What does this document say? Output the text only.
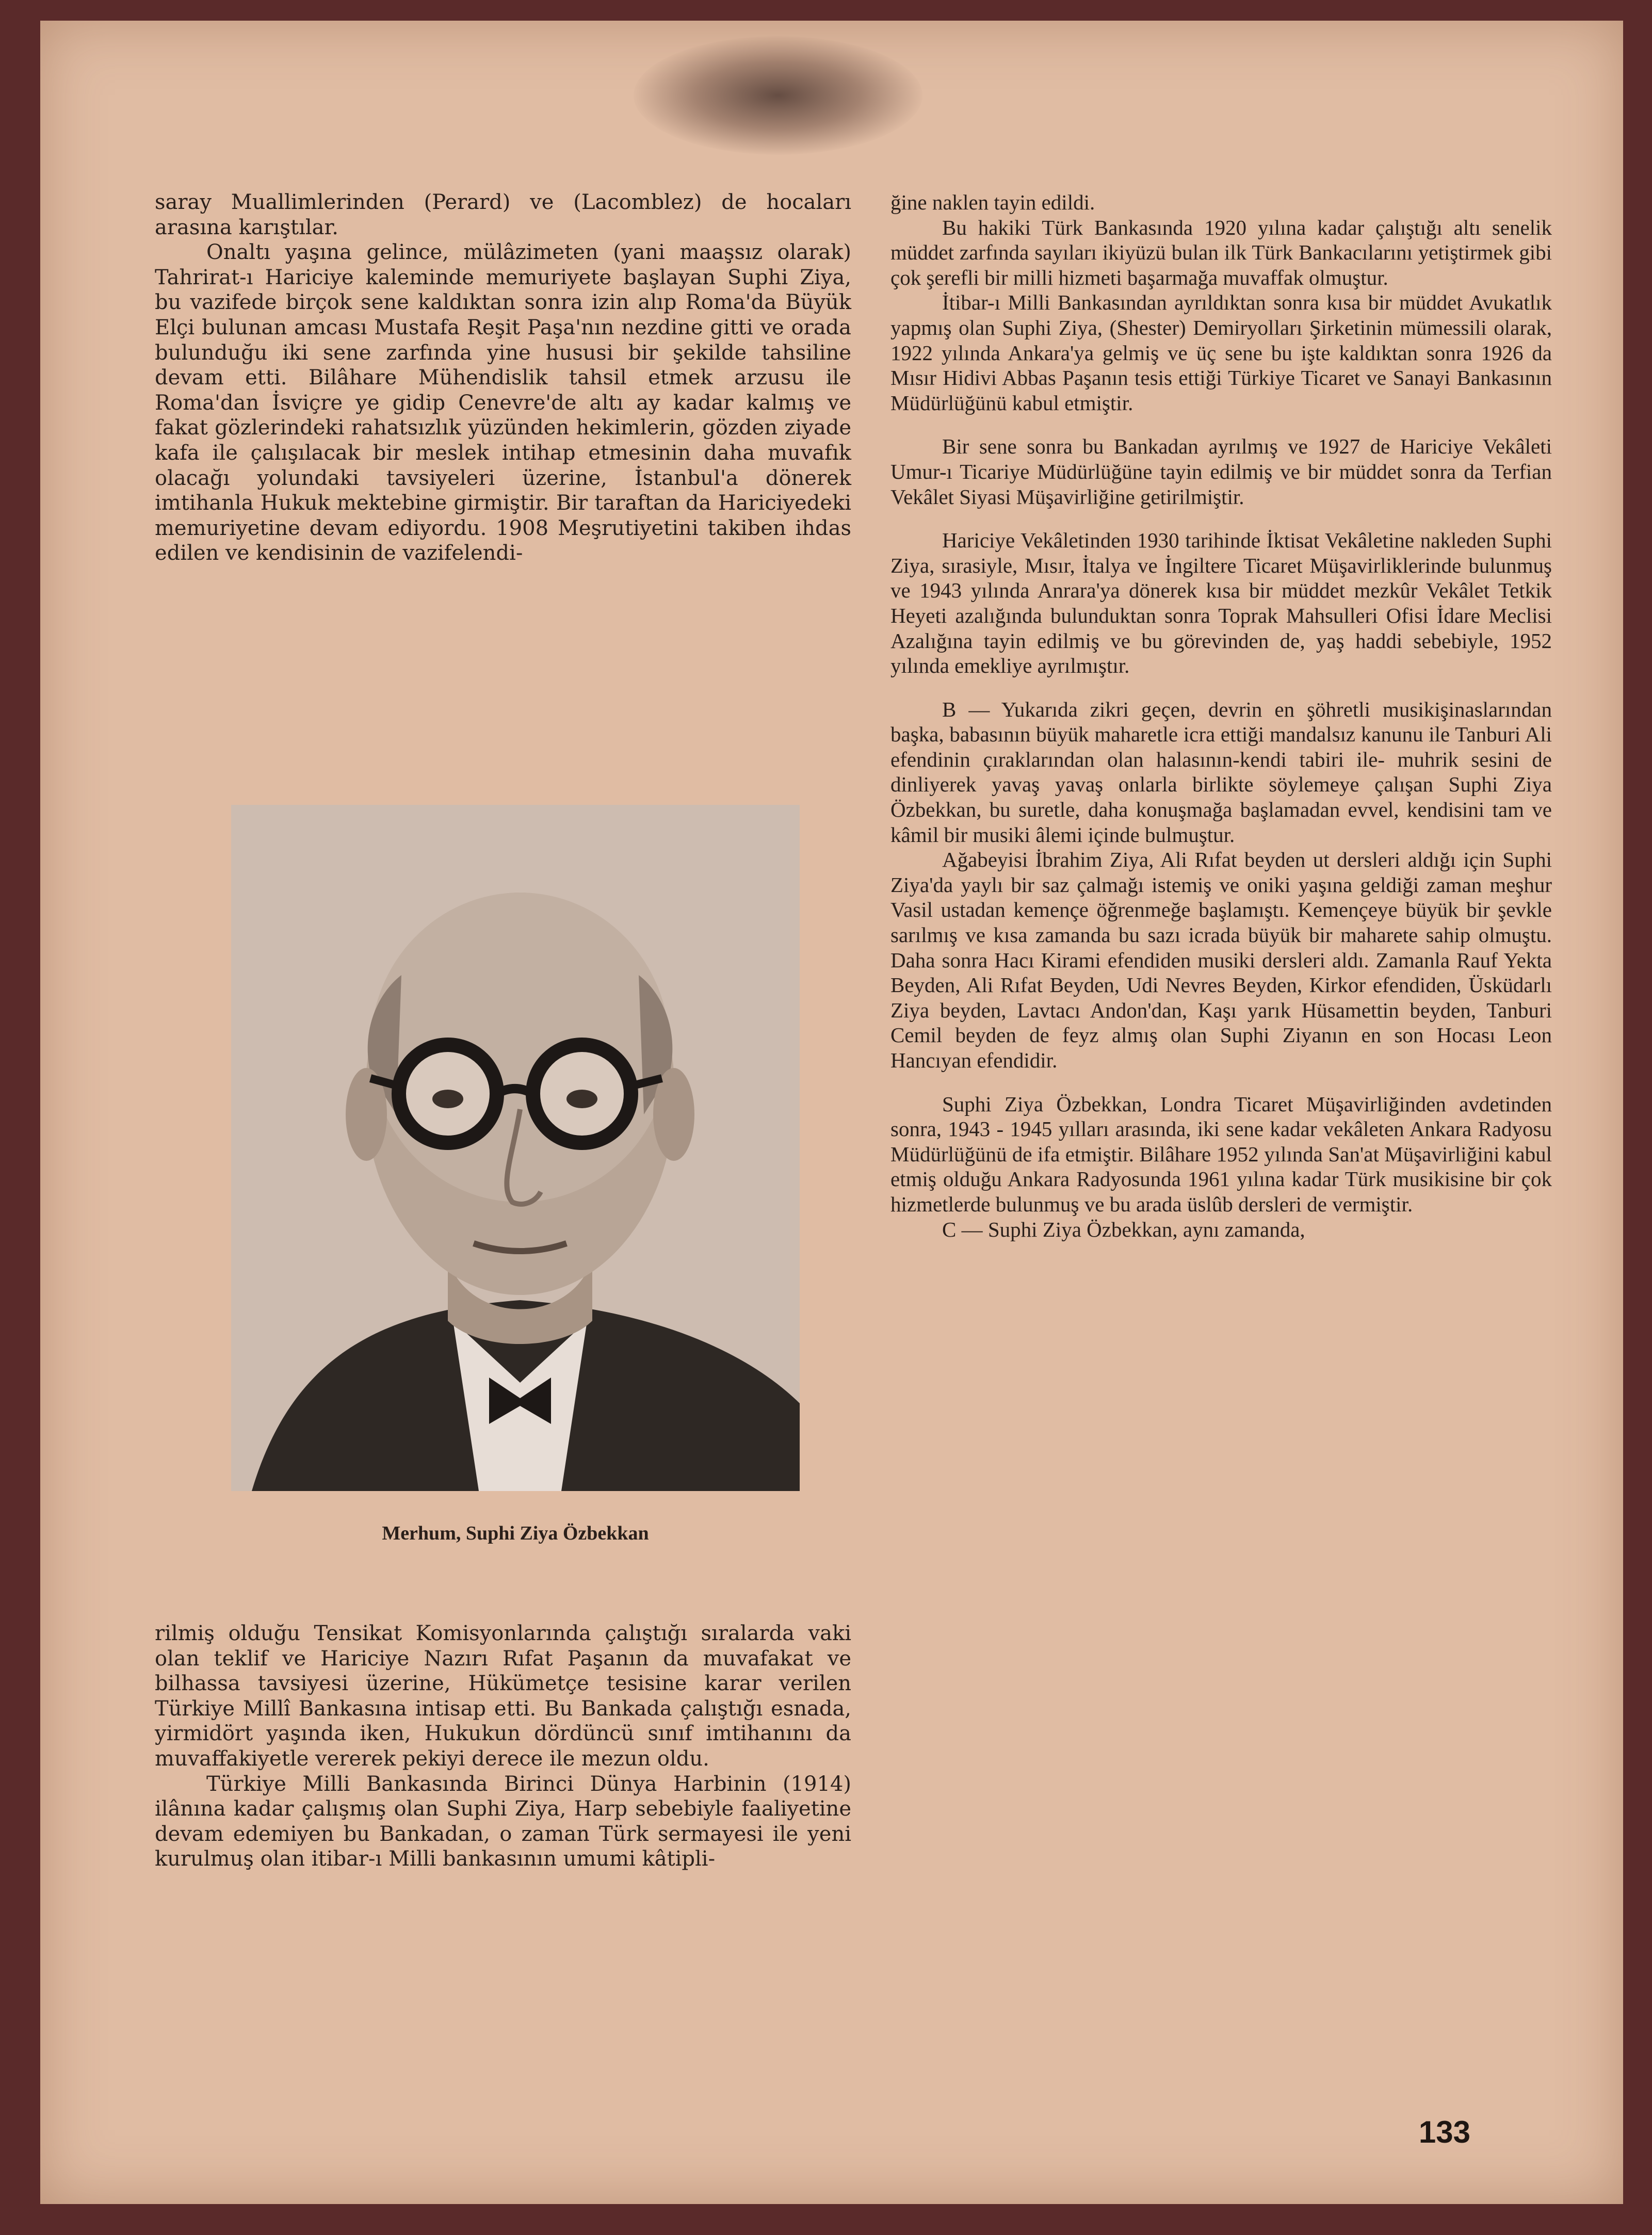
saray Muallimlerinden (Perard) ve (Lacomblez) de hocaları arasına karıştılar.

Onaltı yaşına gelince, mülâzimeten (yani maaşsız olarak) Tahrirat-ı Hariciye kaleminde memuriyete başlayan Suphi Ziya, bu vazifede birçok sene kaldıktan sonra izin alıp Roma'da Büyük Elçi bulunan amcası Mustafa Reşit Paşa'nın nezdine gitti ve orada bulunduğu iki sene zarfında yine hususi bir şekilde tahsiline devam etti. Bilâhare Mühendislik tahsil etmek arzusu ile Roma'dan İsviçre ye gidip Cenevre'de altı ay kadar kalmış ve fakat gözlerindeki rahatsızlık yüzünden hekimlerin, gözden ziyade kafa ile çalışılacak bir meslek intihap etmesinin daha muvafık olacağı yolundaki tavsiyeleri üzerine, İstanbul'a dönerek imtihanla Hukuk mektebine girmiştir. Bir taraftan da Hariciyedeki memuriyetine devam ediyordu. 1908 Meşrutiyetini takiben ihdas edilen ve kendisinin de vazifelendi-

Merhum, Suphi Ziya Özbekkan

rilmiş olduğu Tensikat Komisyonlarında çalıştığı sıralarda vaki olan teklif ve Hariciye Nazırı Rıfat Paşanın da muvafakat ve bilhassa tavsiyesi üzerine, Hükümetçe tesisine karar verilen Türkiye Millî Bankasına intisap etti. Bu Bankada çalıştığı esnada, yirmidört yaşında iken, Hukukun dördüncü sınıf imtihanını da muvaffakiyetle vererek pekiyi derece ile mezun oldu.

Türkiye Milli Bankasında Birinci Dünya Harbinin (1914) ilânına kadar çalışmış olan Suphi Ziya, Harp sebebiyle faaliyetine devam edemiyen bu Bankadan, o zaman Türk sermayesi ile yeni kurulmuş olan itibar-ı Milli bankasının umumi kâtipli-

ğine naklen tayin edildi.

Bu hakiki Türk Bankasında 1920 yılına kadar çalıştığı altı senelik müddet zarfında sayıları ikiyüzü bulan ilk Türk Bankacılarını yetiştirmek gibi çok şerefli bir milli hizmeti başarmağa muvaffak olmuştur.

İtibar-ı Milli Bankasından ayrıldıktan sonra kısa bir müddet Avukatlık yapmış olan Suphi Ziya, (Shester) Demiryolları Şirketinin mümessili olarak, 1922 yılında Ankara'ya gelmiş ve üç sene bu işte kaldıktan sonra 1926 da Mısır Hidivi Abbas Paşanın tesis ettiği Türkiye Ticaret ve Sanayi Bankasının Müdürlüğünü kabul etmiştir.

Bir sene sonra bu Bankadan ayrılmış ve 1927 de Hariciye Vekâleti Umur-ı Ticariye Müdürlüğüne tayin edilmiş ve bir müddet sonra da Terfian Vekâlet Siyasi Müşavirliğine getirilmiştir.

Hariciye Vekâletinden 1930 tarihinde İktisat Vekâletine nakleden Suphi Ziya, sırasiyle, Mısır, İtalya ve İngiltere Ticaret Müşavirliklerinde bulunmuş ve 1943 yılında Anrara'ya dönerek kısa bir müddet mezkûr Vekâlet Tetkik Heyeti azalığında bulunduktan sonra Toprak Mahsulleri Ofisi İdare Meclisi Azalığına tayin edilmiş ve bu görevinden de, yaş haddi sebebiyle, 1952 yılında emekliye ayrılmıştır.

B — Yukarıda zikri geçen, devrin en şöhretli musikişinaslarından başka, babasının büyük maharetle icra ettiği mandalsız kanunu ile Tanburi Ali efendinin çıraklarından olan halasının-kendi tabiri ile- muhrik sesini de dinliyerek yavaş yavaş onlarla birlikte söylemeye çalışan Suphi Ziya Özbekkan, bu suretle, daha konuşmağa başlamadan evvel, kendisini tam ve kâmil bir musiki âlemi içinde bulmuştur.

Ağabeyisi İbrahim Ziya, Ali Rıfat beyden ut dersleri aldığı için Suphi Ziya'da yaylı bir saz çalmağı istemiş ve oniki yaşına geldiği zaman meşhur Vasil ustadan kemençe öğrenmeğe başlamıştı. Kemençeye büyük bir şevkle sarılmış ve kısa zamanda bu sazı icrada büyük bir maharete sahip olmuştu. Daha sonra Hacı Kirami efendiden musiki dersleri aldı. Zamanla Rauf Yekta Beyden, Ali Rıfat Beyden, Udi Nevres Beyden, Kirkor efendiden, Üsküdarlı Ziya beyden, Lavtacı Andon'dan, Kaşı yarık Hüsamettin beyden, Tanburi Cemil beyden de feyz almış olan Suphi Ziyanın en son Hocası Leon Hancıyan efendidir.

Suphi Ziya Özbekkan, Londra Ticaret Müşavirliğinden avdetinden sonra, 1943 - 1945 yılları arasında, iki sene kadar vekâleten Ankara Radyosu Müdürlüğünü de ifa etmiştir. Bilâhare 1952 yılında San'at Müşavirliğini kabul etmiş olduğu Ankara Radyosunda 1961 yılına kadar Türk musikisine bir çok hizmetlerde bulunmuş ve bu arada üslûb dersleri de vermiştir.

C — Suphi Ziya Özbekkan, aynı zamanda,

133
